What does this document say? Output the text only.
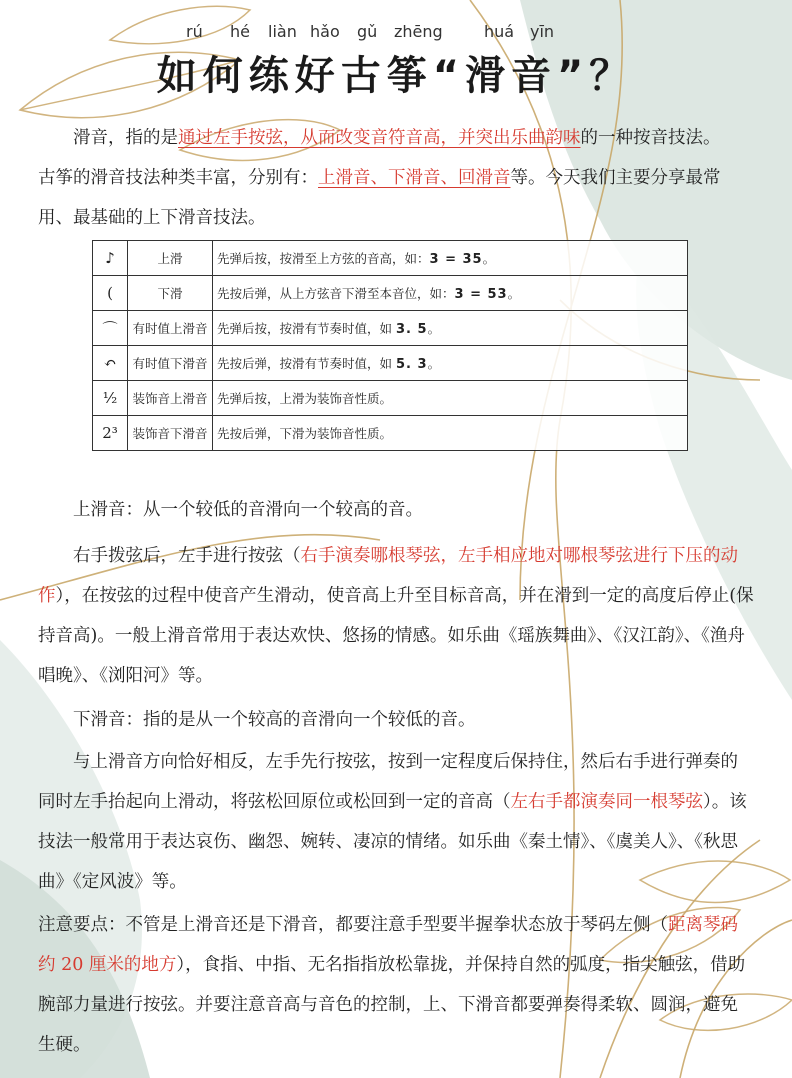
rú hé liàn hǎo gǔ zhēng	huá yīn
如何练好古筝“滑音”？
滑音，指的是通过左手按弦，从而改变音符音高，并突出乐曲韵味的一种按音技法。
古筝的滑音技法种类丰富，分别有：上滑音、下滑音、回滑音等。今天我们主要分享最常用、最基础的上下滑音技法。
♪	上滑	先弹后按，按滑至上方弦的音高，如：3 = 35。
(	下滑	先按后弹，从上方弦音下滑至本音位，如：3 = 53。
⌒	有时值上滑音	先弹后按，按滑有节奏时值，如 3. 5。
↶	有时值下滑音	先按后弹，按滑有节奏时值，如 5. 3。
¹⁄₂	装饰音上滑音	先弹后按，上滑为装饰音性质。
2³	装饰音下滑音	先按后弹，下滑为装饰音性质。
上滑音：从一个较低的音滑向一个较高的音。
右手拨弦后，左手进行按弦（右手演奏哪根琴弦，左手相应地对哪根琴弦进行下压的动作），在按弦的过程中使音产生滑动，使音高上升至目标音高，并在滑到一定的高度后停止(保持音高)。一般上滑音常用于表达欢快、悠扬的情感。如乐曲《瑶族舞曲》、《汉江韵》、《渔舟唱晚》、《浏阳河》等。
下滑音：指的是从一个较高的音滑向一个较低的音。
与上滑音方向恰好相反，左手先行按弦，按到一定程度后保持住，然后右手进行弹奏的同时左手抬起向上滑动，将弦松回原位或松回到一定的音高（左右手都演奏同一根琴弦）。该技法一般常用于表达哀伤、幽怨、婉转、凄凉的情绪。如乐曲《秦土情》、《虞美人》、《秋思曲》《定风波》等。
注意要点：不管是上滑音还是下滑音，都要注意手型要半握拳状态放于琴码左侧（距离琴码约 20 厘米的地方），食指、中指、无名指指放松靠拢，并保持自然的弧度，指尖触弦，借助腕部力量进行按弦。并要注意音高与音色的控制，上、下滑音都要弹奏得柔软、圆润，避免生硬。
